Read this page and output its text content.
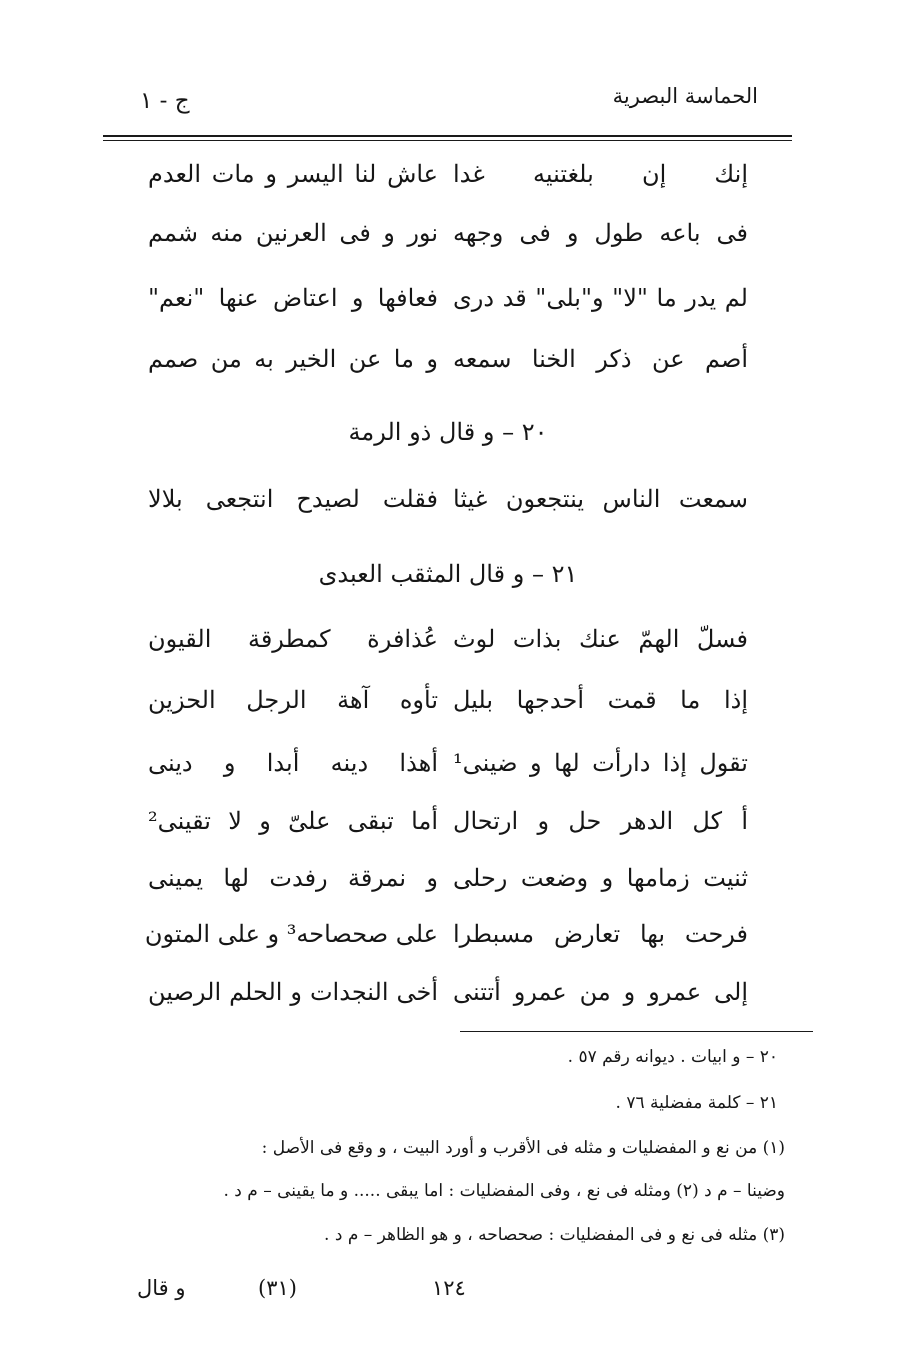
الحماسة البصرية
ج - ١
إنك إن بلغتنيه غدا
عاش لنا اليسر و مات العدم
فى باعه طول و فى وجهه
نور و فى العرنين منه شمم
لم يدر ما "لا" و"بلى" قد درى
فعافها و اعتاض عنها "نعم"
أصم عن ذكر الخنا سمعه
و ما عن الخير به من صمم
٢٠ – و قال ذو الرمة
سمعت الناس ينتجعون غيثا
فقلت لصيدح انتجعى بلالا
٢١ – و قال المثقب العبدى
فسلّ الهمّ عنك بذات لوث
عُذافرة كمطرقة القيون
إذا ما قمت أحدجها بليل
تأوه آهة الرجل الحزين
تقول إذا دارأت لها و ضينى¹
أهذا دينه أبدا و دينى
أ كل الدهر حل و ارتحال
أما تبقى علىّ و لا تقينى²
ثنيت زمامها و وضعت رحلى
و نمرقة رفدت لها يمينى
فرحت بها تعارض مسبطرا
على صحصاحه³ و على المتون
إلى عمرو و من عمرو أتتنى
أخى النجدات و الحلم الرصين
٢٠ – و ابيات . ديوانه رقم ٥٧ .
٢١ – كلمة مفضلية ٧٦ .
(١) من نع و المفضليات و مثله فى الأقرب و أورد البيت ، و وقع فى الأصل :
وضينا – م د (٢) ومثله فى نع ، وفى المفضليات : اما يبقى ..... و ما يقينى – م د .
(٣) مثله فى نع و فى المفضليات : صحصاحه ، و هو الظاهر – م د .
١٢٤
(٣١)
و قال
